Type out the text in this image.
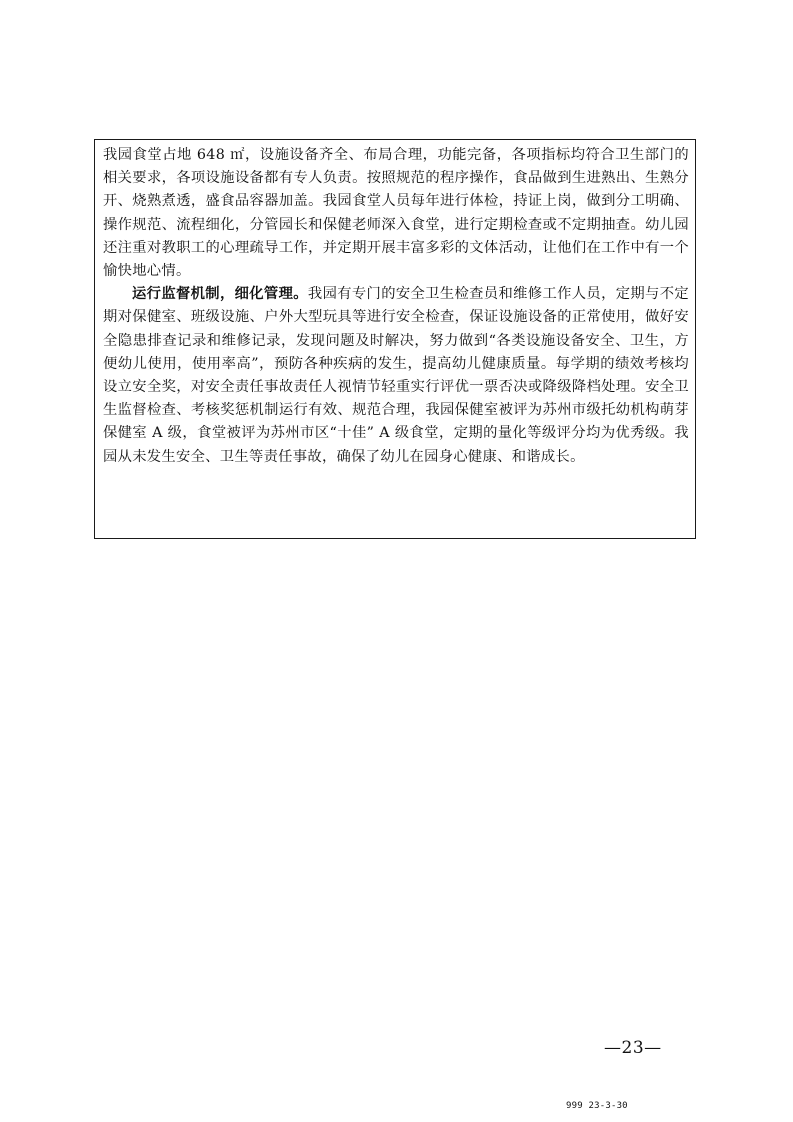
我园食堂占地 648 ㎡，设施设备齐全、布局合理，功能完备，各项指标均符合卫生部门的相关要求，各项设施设备都有专人负责。按照规范的程序操作，食品做到生进熟出、生熟分开、烧熟煮透，盛食品容器加盖。我园食堂人员每年进行体检，持证上岗，做到分工明确、操作规范、流程细化，分管园长和保健老师深入食堂，进行定期检查或不定期抽查。幼儿园还注重对教职工的心理疏导工作，并定期开展丰富多彩的文体活动，让他们在工作中有一个愉快地心情。

运行监督机制，细化管理。我园有专门的安全卫生检查员和维修工作人员，定期与不定期对保健室、班级设施、户外大型玩具等进行安全检查，保证设施设备的正常使用，做好安全隐患排查记录和维修记录，发现问题及时解决，努力做到“各类设施设备安全、卫生，方便幼儿使用，使用率高”，预防各种疾病的发生，提高幼儿健康质量。每学期的绩效考核均设立安全奖，对安全责任事故责任人视情节轻重实行评优一票否决或降级降档处理。安全卫生监督检查、考核奖惩机制运行有效、规范合理，我园保健室被评为苏州市级托幼机构萌芽保健室 A 级，食堂被评为苏州市区“十佳” A 级食堂，定期的量化等级评分均为优秀级。我园从未发生安全、卫生等责任事故，确保了幼儿在园身心健康、和谐成长。

—23—
999 23-3-30
